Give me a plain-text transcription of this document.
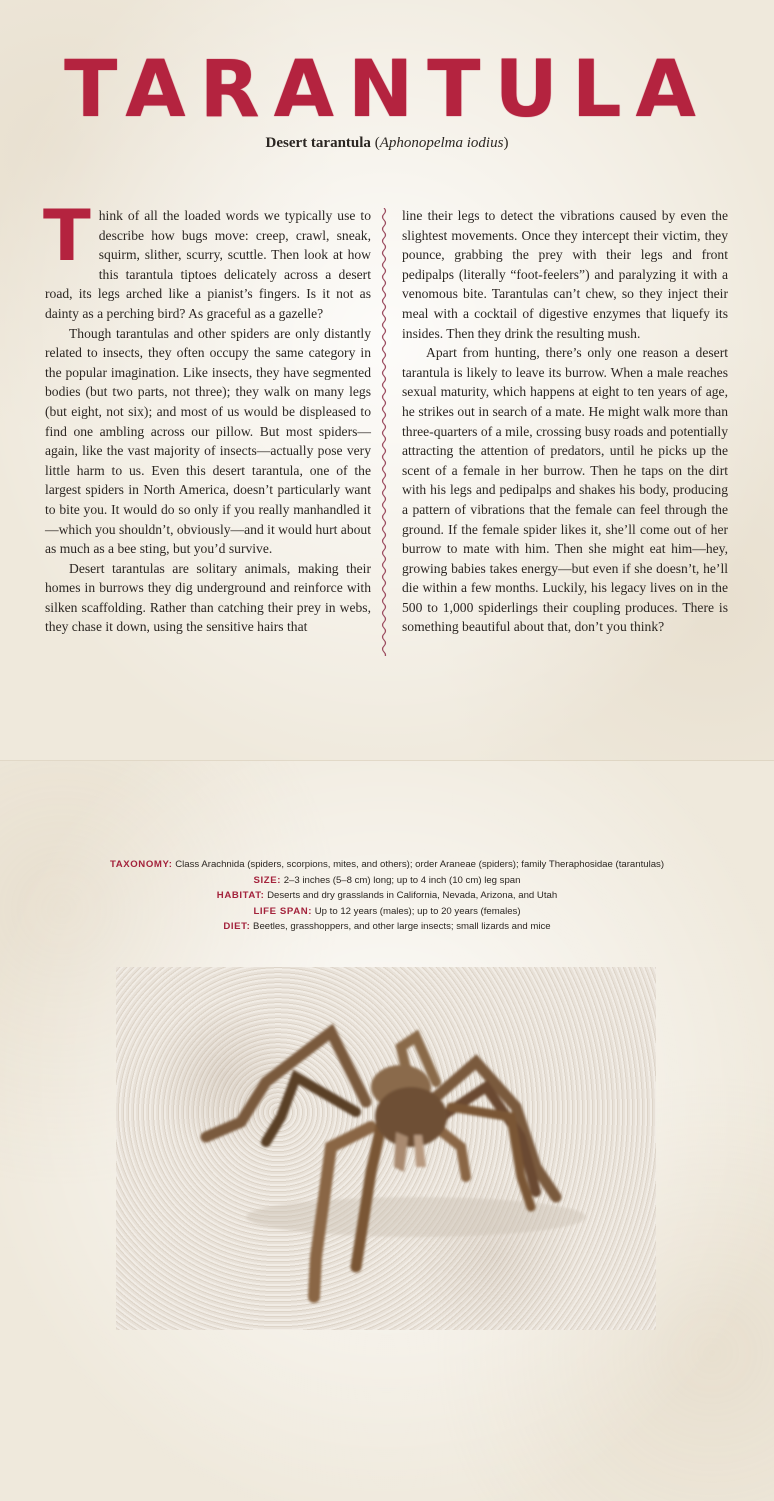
TARANTULA
Desert tarantula (Aphonopelma iodius)

Think of all the loaded words we typically use to describe how bugs move: creep, crawl, sneak, squirm, slither, scurry, scuttle. Then look at how this tarantula tiptoes delicately across a desert road, its legs arched like a pianist’s fingers. Is it not as dainty as a perching bird? As graceful as a gazelle?

Though tarantulas and other spiders are only distantly related to insects, they often occupy the same category in the popular imagination. Like insects, they have segmented bodies (but two parts, not three); they walk on many legs (but eight, not six); and most of us would be displeased to find one ambling across our pillow. But most spiders—again, like the vast majority of insects—actually pose very little harm to us. Even this desert tarantula, one of the largest spiders in North America, doesn’t particularly want to bite you. It would do so only if you really manhandled it—which you shouldn’t, obviously—and it would hurt about as much as a bee sting, but you’d survive.

Desert tarantulas are solitary animals, making their homes in burrows they dig underground and reinforce with silken scaffolding. Rather than catching their prey in webs, they chase it down, using the sensitive hairs that

line their legs to detect the vibrations caused by even the slightest movements. Once they intercept their victim, they pounce, grabbing the prey with their legs and front pedipalps (literally “foot-feelers”) and paralyzing it with a venomous bite. Tarantulas can’t chew, so they inject their meal with a cocktail of digestive enzymes that liquefy its insides. Then they drink the resulting mush.

Apart from hunting, there’s only one reason a desert tarantula is likely to leave its burrow. When a male reaches sexual maturity, which happens at eight to ten years of age, he strikes out in search of a mate. He might walk more than three-quarters of a mile, crossing busy roads and potentially attracting the attention of predators, until he picks up the scent of a female in her burrow. Then he taps on the dirt with his legs and pedipalps and shakes his body, producing a pattern of vibrations that the female can feel through the ground. If the female spider likes it, she’ll come out of her burrow to mate with him. Then she might eat him—hey, growing babies takes energy—but even if she doesn’t, he’ll die within a few months. Luckily, his legacy lives on in the 500 to 1,000 spiderlings their coupling produces. There is something beautiful about that, don’t you think?

TAXONOMY: Class Arachnida (spiders, scorpions, mites, and others); order Araneae (spiders); family Theraphosidae (tarantulas)
SIZE: 2–3 inches (5–8 cm) long; up to 4 inch (10 cm) leg span
HABITAT: Deserts and dry grasslands in California, Nevada, Arizona, and Utah
LIFE SPAN: Up to 12 years (males); up to 20 years (females)
DIET: Beetles, grasshoppers, and other large insects; small lizards and mice
